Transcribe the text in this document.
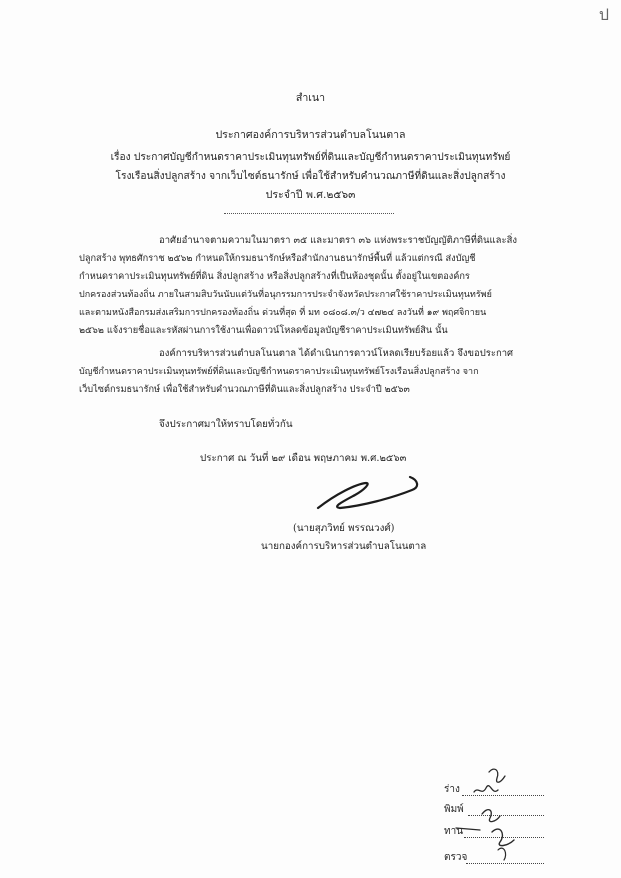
ป
สำเนา
ประกาศองค์การบริหารส่วนตำบลโนนตาล
เรื่อง ประกาศบัญชีกำหนดราคาประเมินทุนทรัพย์ที่ดินและบัญชีกำหนดราคาประเมินทุนทรัพย์
โรงเรือนสิ่งปลูกสร้าง จากเว็บไซต์ธนารักษ์ เพื่อใช้สำหรับคำนวณภาษีที่ดินและสิ่งปลูกสร้าง
ประจำปี พ.ศ.๒๕๖๓
อาศัยอำนาจตามความในมาตรา ๓๕ และมาตรา ๓๖ แห่งพระราชบัญญัติภาษีที่ดินและสิ่ง
ปลูกสร้าง พุทธศักราช ๒๕๖๒ กำหนดให้กรมธนารักษ์หรือสำนักงานธนารักษ์พื้นที่ แล้วแต่กรณี ส่งบัญชี
กำหนดราคาประเมินทุนทรัพย์ที่ดิน สิ่งปลูกสร้าง หรือสิ่งปลูกสร้างที่เป็นห้องชุดนั้น ตั้งอยู่ในเขตองค์กร
ปกครองส่วนท้องถิ่น ภายในสามสิบวันนับแต่วันที่อนุกรรมการประจำจังหวัดประกาศใช้ราคาประเมินทุนทรัพย์
และตามหนังสือกรมส่งเสริมการปกครองท้องถิ่น ด่วนที่สุด ที่ มท ๐๘๐๘.๓/ว ๔๗๒๔ ลงวันที่ ๑๙ พฤศจิกายน
๒๕๖๒ แจ้งรายชื่อและรหัสผ่านการใช้งานเพื่อดาวน์โหลดข้อมูลบัญชีราคาประเมินทรัพย์สิน นั้น
องค์การบริหารส่วนตำบลโนนตาล ได้ดำเนินการดาวน์โหลดเรียบร้อยแล้ว จึงขอประกาศ
บัญชีกำหนดราคาประเมินทุนทรัพย์ที่ดินและบัญชีกำหนดราคาประเมินทุนทรัพย์โรงเรือนสิ่งปลูกสร้าง จาก
เว็บไซต์กรมธนารักษ์ เพื่อใช้สำหรับคำนวณภาษีที่ดินและสิ่งปลูกสร้าง ประจำปี ๒๕๖๓
จึงประกาศมาให้ทราบโดยทั่วกัน
ประกาศ ณ วันที่ ๒๙ เดือน พฤษภาคม พ.ศ.๒๕๖๓
(นายสุภวิทย์ พรรณวงศ์)
นายกองค์การบริหารส่วนตำบลโนนตาล
ร่าง
พิมพ์
ทาน
ตรวจ
